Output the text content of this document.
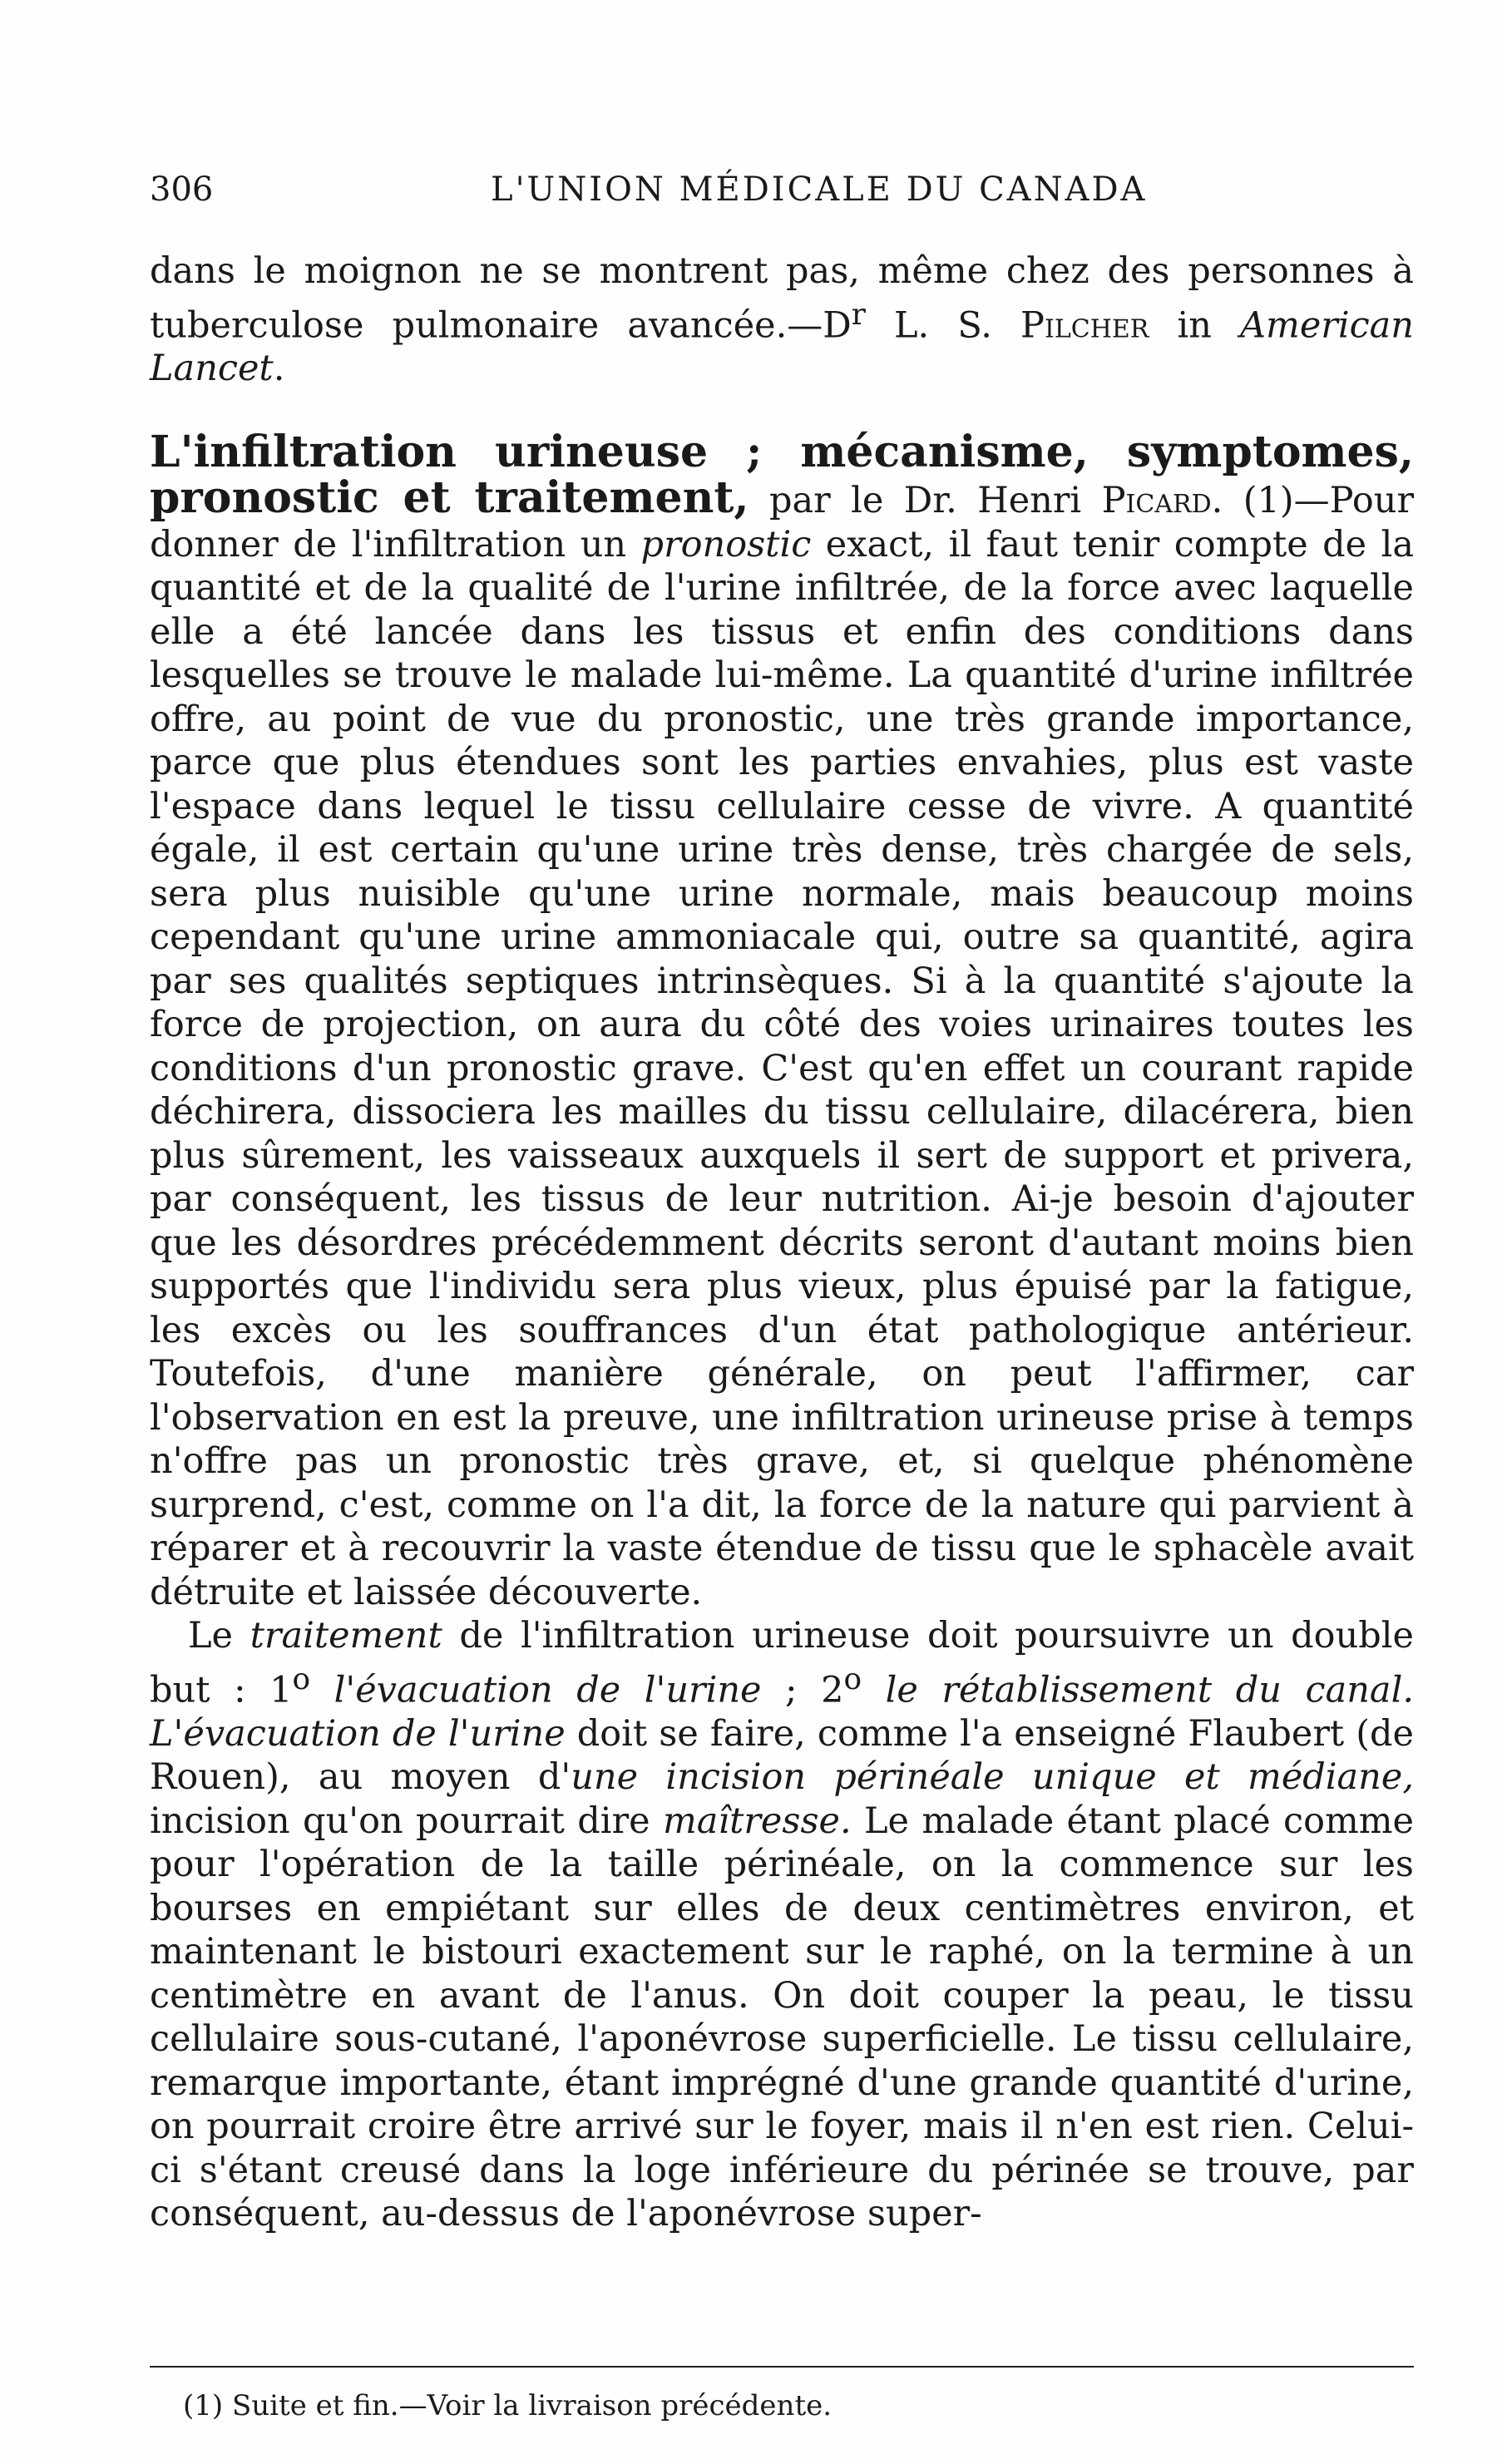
306	L'UNION MÉDICALE DU CANADA

dans le moignon ne se montrent pas, même chez des personnes à tuberculose pulmonaire $avancée.—D^r$ L. S. Pilcher in American Lancet.

L'infiltration urineuse ; mécanisme, symptomes, pronostic et traitement, par le Dr. Henri Picard. (1)—Pour donner de l'infiltration un pronostic exact, il faut tenir compte de la quantité et de la qualité de l'urine infiltrée, de la force avec laquelle elle a été lancée dans les tissus et enfin des conditions dans lesquelles se trouve le malade lui-même. La quantité d'urine infiltrée offre, au point de vue du pronostic, une très grande importance, parce que plus étendues sont les parties envahies, plus est vaste l'espace dans lequel le tissu cellulaire cesse de vivre. A quantité égale, il est certain qu'une urine très dense, très chargée de sels, sera plus nuisible qu'une urine normale, mais beaucoup moins cependant qu'une urine ammoniacale qui, outre sa quantité, agira par ses qualités septiques intrinsèques. Si à la quantité s'ajoute la force de projection, on aura du côté des voies urinaires toutes les conditions d'un pronostic grave. C'est qu'en effet un courant rapide déchirera, dissociera les mailles du tissu cellulaire, dilacérera, bien plus sûrement, les vaisseaux auxquels il sert de support et privera, par conséquent, les tissus de leur nutrition. Ai-je besoin d'ajouter que les désordres précédemment décrits seront d'autant moins bien supportés que l'individu sera plus vieux, plus épuisé par la fatigue, les excès ou les souffrances d'un état pathologique antérieur. Toutefois, d'une manière générale, on peut l'affirmer, car l'observation en est la preuve, une infiltration urineuse prise à temps n'offre pas un pronostic très grave, et, si quelque phénomène surprend, c'est, comme on l'a dit, la force de la nature qui parvient à réparer et à recouvrir la vaste étendue de tissu que le sphacèle avait détruite et laissée découverte.

Le traitement de l'infiltration urineuse doit poursuivre un double but : 1$^o$ l'évacuation de l'urine ; 2$^o$ le rétablissement du canal. L'évacuation de l'urine doit se faire, comme l'a enseigné Flaubert (de Rouen), au moyen d'une incision périnéale unique et médiane, incision qu'on pourrait dire maîtresse. Le malade étant placé comme pour l'opération de la taille périnéale, on la commence sur les bourses en empiétant sur elles de deux centimètres environ, et maintenant le bistouri exactement sur le raphé, on la termine à un centimètre en avant de l'anus. On doit couper la peau, le tissu cellulaire sous-cutané, l'aponévrose superficielle. Le tissu cellulaire, remarque importante, étant imprégné d'une grande quantité d'urine, on pourrait croire être arrivé sur le foyer, mais il n'en est rien. Celui-ci s'étant creusé dans la loge inférieure du périnée se trouve, par conséquent, au-dessus de l'aponévrose super-

(1) Suite et fin.—Voir la livraison précédente.
